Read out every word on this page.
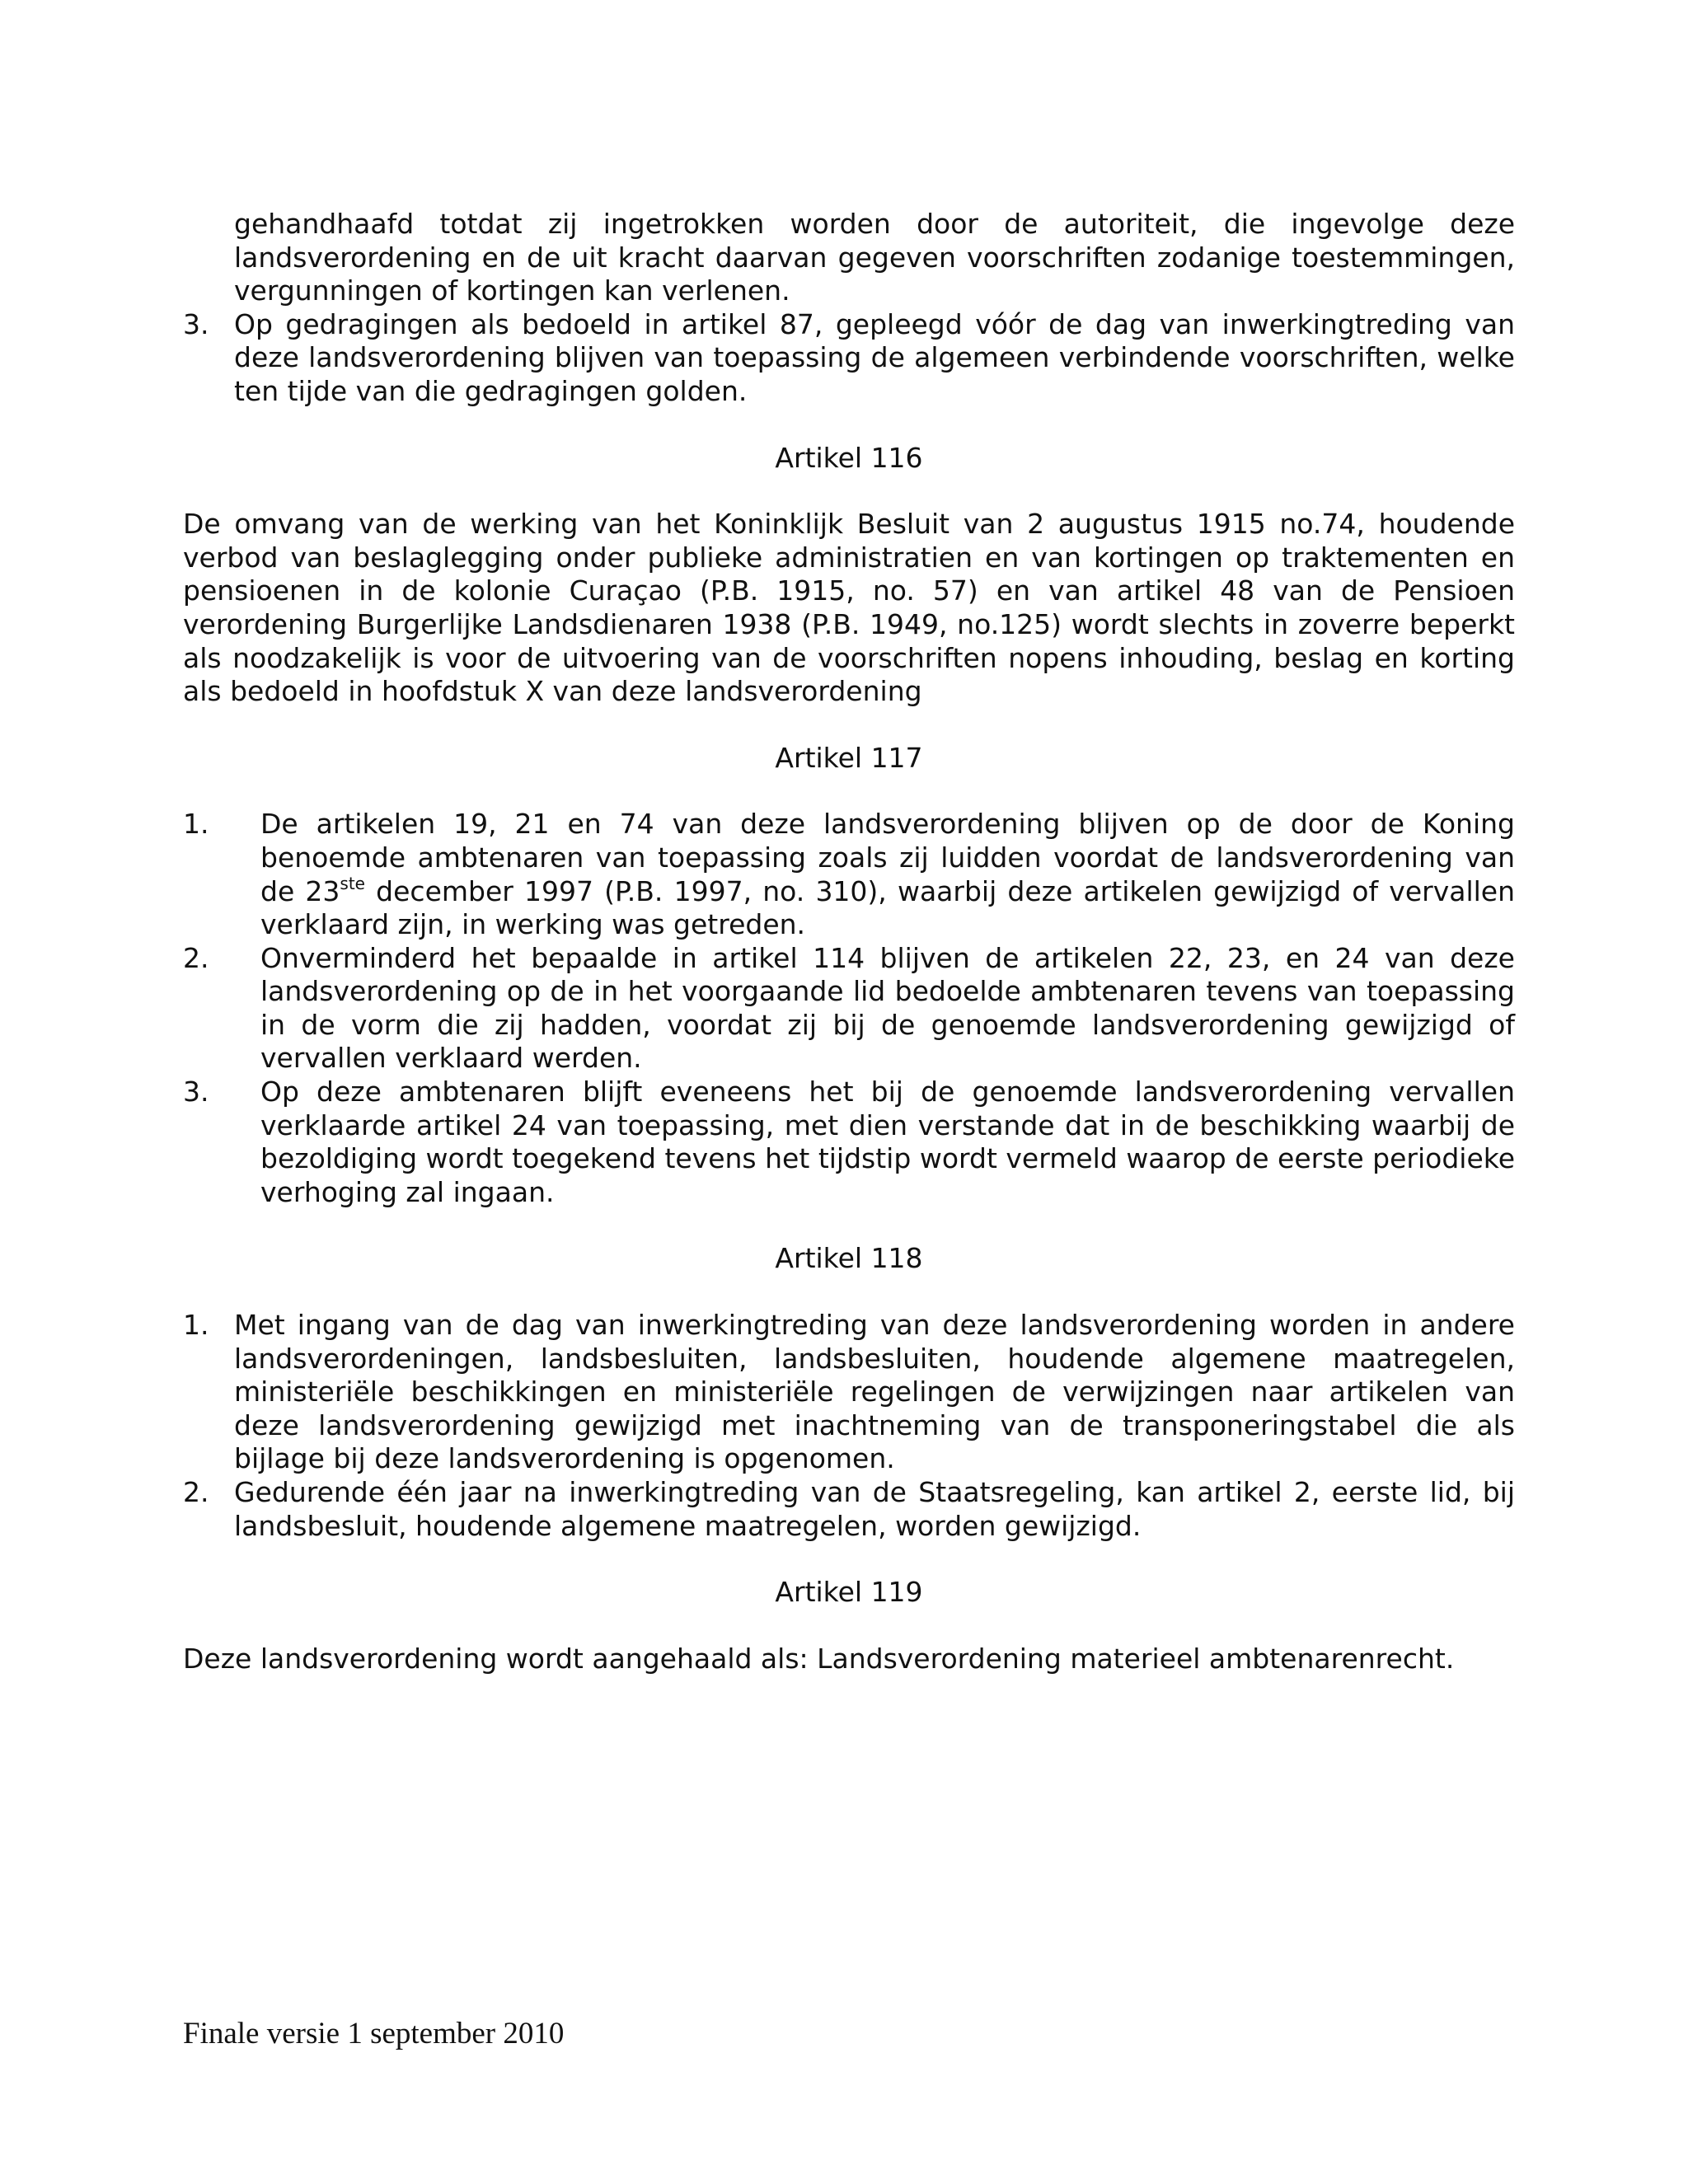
gehandhaafd totdat zij ingetrokken worden door de autoriteit, die ingevolge deze landsverordening en de uit kracht daarvan gegeven voorschriften zodanige toestemmingen, vergunningen of kortingen kan verlenen.

3. Op gedragingen als bedoeld in artikel 87, gepleegd vóór de dag van inwerkingtreding van deze landsverordening blijven van toepassing de algemeen verbindende voorschriften, welke ten tijde van die gedragingen golden.
Artikel 116

De omvang van de werking van het Koninklijk Besluit van 2 augustus 1915 no.74, houdende verbod van beslaglegging onder publieke administratien en van kortingen op traktementen en pensioenen in de kolonie Curaçao (P.B. 1915, no. 57) en van artikel 48 van de Pensioen verordening Burgerlijke Landsdienaren 1938 (P.B. 1949, no.125) wordt slechts in zoverre beperkt als noodzakelijk is voor de uitvoering van de voorschriften nopens inhouding, beslag en korting als bedoeld in hoofdstuk X van deze landsverordening

Artikel 117
1.	De artikelen 19, 21 en 74 van deze landsverordening blijven op de door de Koning benoemde ambtenaren van toepassing zoals zij luidden voordat de landsverordening van de 23ste december 1997 (P.B. 1997, no. 310), waarbij deze artikelen gewijzigd of vervallen verklaard zijn, in werking was getreden.
2.	Onverminderd het bepaalde in artikel 114 blijven de artikelen 22, 23, en 24 van deze landsverordening op de in het voorgaande lid bedoelde ambtenaren tevens van toepassing in de vorm die zij hadden, voordat zij bij de genoemde landsverordening gewijzigd of vervallen verklaard werden.
3.	Op deze ambtenaren blijft eveneens het bij de genoemde landsverordening vervallen verklaarde artikel 24 van toepassing, met dien verstande dat in de beschikking waarbij de bezoldiging wordt toegekend tevens het tijdstip wordt vermeld waarop de eerste periodieke verhoging zal ingaan.
Artikel 118
1. Met ingang van de dag van inwerkingtreding van deze landsverordening worden in andere landsverordeningen, landsbesluiten, landsbesluiten, houdende algemene maatregelen, ministeriële beschikkingen en ministeriële regelingen de verwijzingen naar artikelen van deze landsverordening gewijzigd met inachtneming van de transponeringstabel die als bijlage bij deze landsverordening is opgenomen.
2. Gedurende één jaar na inwerkingtreding van de Staatsregeling, kan artikel 2, eerste lid, bij landsbesluit, houdende algemene maatregelen, worden gewijzigd.
Artikel 119

Deze landsverordening wordt aangehaald als: Landsverordening materieel ambtenarenrecht.

Finale versie 1 september 2010
